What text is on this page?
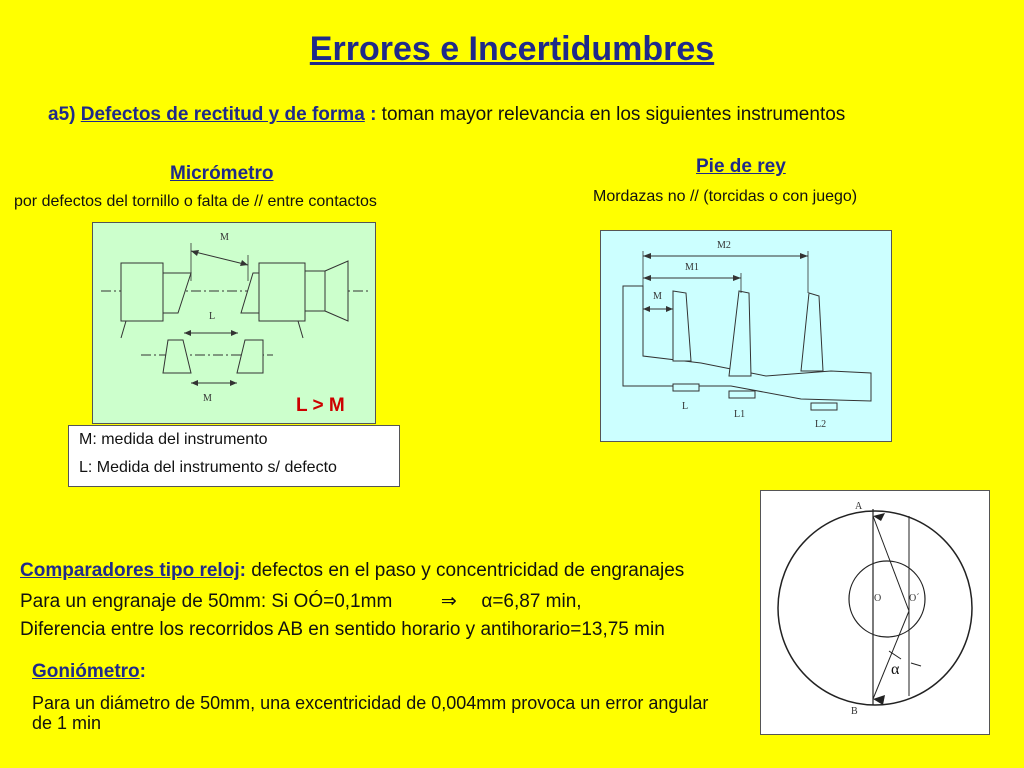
Errores e Incertidumbres
a5) Defectos de rectitud y de forma : toman mayor relevancia en los siguientes instrumentos
Micrómetro
por defectos del tornillo o falta de // entre contactos
M
L
M	L > M
M: medida del instrumento
L: Medida del instrumento s/ defecto
Pie de rey
Mordazas no // (torcidas o con juego)
M2
M1
M
L
L1
L2
A
O	O´
α
B
Comparadores tipo reloj: defectos en el paso y concentricidad de engranajes
Para un engranaje de 50mm: Si OÓ=0,1mm	⇒ α=6,87 min,
Diferencia entre los recorridos AB en sentido horario y antihorario=13,75 min
Goniómetro:
Para un diámetro de 50mm, una excentricidad de 0,004mm provoca un error angular de 1 min
